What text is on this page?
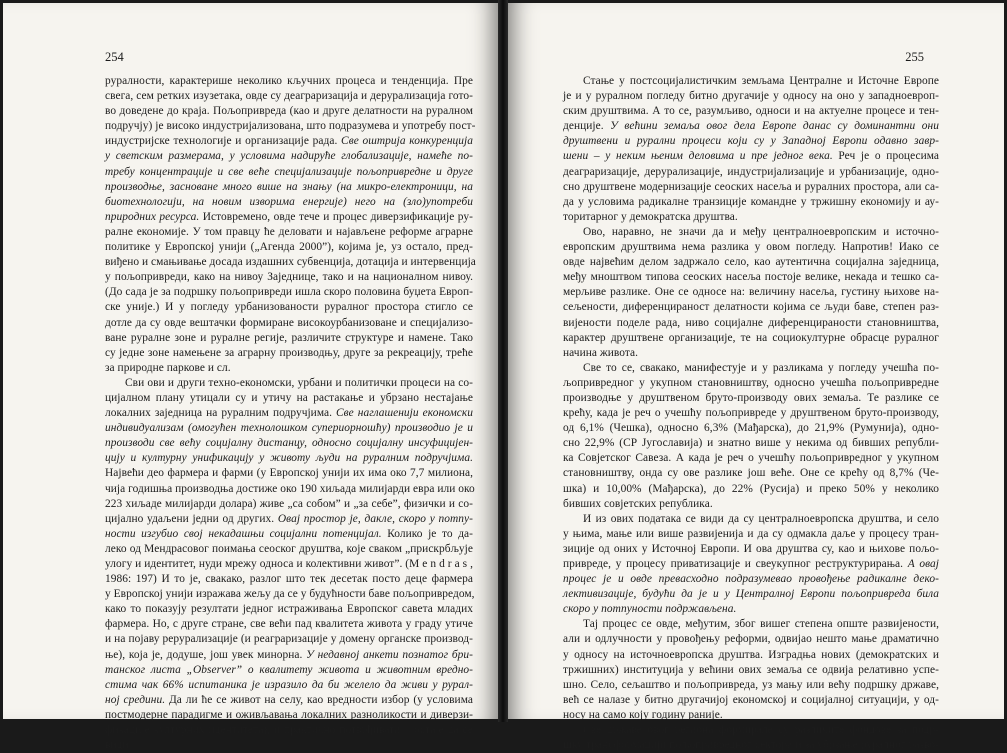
254
руралности, карактерише неколико кључних процеса и тенденција. Пре
свега, сем ретких изузетака, овде су деаграризација и дерурализација гото-
во доведене до краја. Пољопривреда (као и друге делатности на руралном
подручју) је високо индустријализована, што подразумева и употребу пост-
индустријске технологије и организације рада. Све оштрија конкуренција
у светским размерама, у условима надируће глобализације, намеће по-
требу концентрације и све веће специјализације пољопривредне и друге
производње, засноване много више на знању (на микро-електроници, на
биотехнологији, на новим изворима енергије) него на (зло)употреби
природних ресурса. Истовремено, овде тече и процес диверзификације ру-
ралне економије. У том правцу ће деловати и најављене реформе аграрне
политике у Европској унији („Агенда 2000”), којима је, уз остало, пред-
виђено и смањивање досада издашних субвенција, дотација и интервенција
у пољопривреди, како на нивоу Заједнице, тако и на националном нивоу.
(До сада је за подршку пољопривреди ишла скоро половина буџета Европ-
ске уније.) И у погледу урбанизованости руралног простора стигло се
дотле да су овде вештачки формиране високоурбанизоване и специјализо-
ване руралне зоне и руралне регије, различите структуре и намене. Тако
су једне зоне намењене за аграрну производњу, друге за рекреацију, треће
за природне паркове и сл.
Сви ови и други техно-економски, урбани и политички процеси на со-
цијалном плану утицали су и утичу на растакање и убрзано нестајање
локалних заједница на руралним подручјима. Све наглашенији економски
индивидуализам (омогућен технолошком супериорношћу) производио је и
производи све већу социјалну дистанцу, односно социјалну инсуфицијен-
цију и културну унификацију у животу људи на руралним подручјима.
Највећи део фармера и фарми (у Европској унији их има око 7,7 милиона,
чија годишња производња достиже око 190 хиљада милијарди евра или око
223 хиљаде милијарди долара) живе „са собом” и „за себе”, физички и со-
цијално удаљени једни од других. Овај простор је, дакле, скоро у потпу-
ности изгубио свој некадашњи социјални потенцијал. Колико је то да-
леко од Мендрасовог поимања сеоског друштва, које сваком „прискрбљује
улогу и идентитет, нуди мрежу односа и колективни живот”. (M e n d r a s ,
1986: 197) И то је, свакако, разлог што тек десетак посто деце фармера
у Европској унији изражава жељу да се у будућности баве пољопривредом,
како то показују резултати једног истраживања Европског савета младих
фармера. Но, с друге стране, све већи пад квалитета живота у граду утиче
и на појаву рерурализације (и реаграризације у домену органске производ-
ње), која је, додуше, још увек минорна. У недавној анкети познатог бри-
танског листа „Observer” о квалитету живота и животним вредно-
стима чак 66% испитаника је изразило да би желело да живи у рурал-
ној средини. Да ли ће се живот на селу, као вредности избор (у условима
постмодерне парадигме и оживљавања локалних разноликости и диверзи-
фикације културних идентитета), и практично потврђивати – остаје да се
види.
255
Стање у постсоцијалистичким земљама Централне и Источне Европе
је и у руралном погледу битно другачије у односу на оно у западноевроп-
ским друштвима. А то се, разумљиво, односи и на актуелне процесе и тен-
денције. У већини земаља овог дела Европе данас су доминантни они
друштвени и рурални процеси који су у Западној Европи одавно завр-
шени – у неким њеним деловима и пре једног века. Реч је о процесима
деаграризације, дерурализације, индустријализације и урбанизације, одно-
сно друштвене модернизације сеоских насеља и руралних простора, али са-
да у условима радикалне транзиције командне у тржишну економију и ау-
торитарног у демократска друштва.
Ово, наравно, не значи да и међу централноевропским и источно-
европским друштвима нема разлика у овом погледу. Напротив! Иако се
овде највећим делом задржало село, као аутентична социјална заједница,
међу мноштвом типова сеоских насеља постоје велике, некада и тешко са-
мерљиве разлике. Оне се односе на: величину насеља, густину њихове на-
сељености, диференцираност делатности којима се људи баве, степен раз-
вијености поделе рада, ниво социјалне диференцираности становништва,
карактер друштвене организације, те на социокултурне обрасце руралног
начина живота.
Све то се, свакако, манифестује и у разликама у погледу учешћа по-
љопривредног у укупном становништву, односно учешћа пољопривредне
производње у друштвеном бруто-производу ових земаља. Те разлике се
крећу, када је реч о учешћу пољопривреде у друштвеном бруто-производу,
од 6,1% (Чешка), односно 6,3% (Мађарска), до 21,9% (Румунија), одно-
сно 22,9% (СР Југославија) и знатно више у некима од бивших републи-
ка Совјетског Савеза. А када је реч о учешћу пољопривредног у укупном
становништву, онда су ове разлике још веће. Оне се крећу од 8,7% (Че-
шка) и 10,00% (Мађарска), до 22% (Русија) и преко 50% у неколико
бивших совјетских република.
И из ових података се види да су централноевропска друштва, и село
у њима, мање или више развијенија и да су одмакла даље у процесу тран-
зиције од оних у Источној Европи. И ова друштва су, као и њихове пољо-
привреде, у процесу приватизације и свеукупног реструктурирања. А овај
процес је и овде превасходно подразумевао провођење радикалне деко-
лективизације, будући да је и у Централној Европи пољопривреда била
скоро у потпуности подржављена.
Тај процес се овде, међутим, због вишег степена опште развијености,
али и одлучности у провођењу реформи, одвијао нешто мање драматично
у односу на источноевропска друштва. Изградња нових (демократских и
тржишних) институција у већини ових земаља се одвија релативно успе-
шно. Село, сељаштво и пољопривреда, уз мању или већу подршку државе,
већ се налазе у битно другачијој економској и социјалној ситуацији, у од-
носу на само коју годину раније.
Све државе овог региона формирале су различите фондове за подр-
шку трансформацији пољопривредног сектора и за убрзање руралног разво-
